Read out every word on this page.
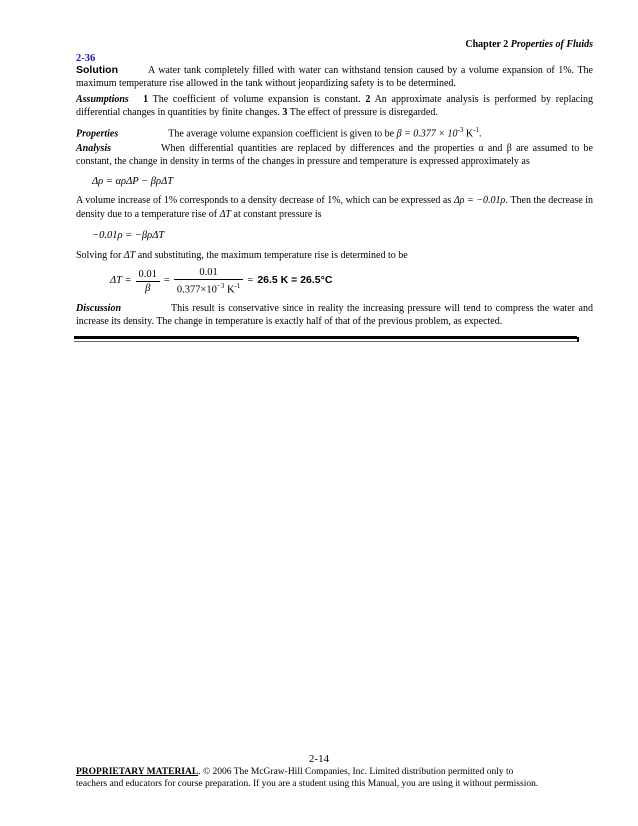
Chapter 2 Properties of Fluids
2-36
Solution	A water tank completely filled with water can withstand tension caused by a volume expansion of 1%. The maximum temperature rise allowed in the tank without jeopardizing safety is to be determined.
Assumptions 1 The coefficient of volume expansion is constant. 2 An approximate analysis is performed by replacing differential changes in quantities by finite changes. 3 The effect of pressure is disregarded.
Properties	The average volume expansion coefficient is given to be $\beta = 0.377 \times 10^{-3}$ $K^{-1}$.
Analysis	When differential quantities are replaced by differences and the properties α and β are assumed to be constant, the change in density in terms of the changes in pressure and temperature is expressed approximately as
Δρ = αρΔP − βρΔT
A volume increase of 1% corresponds to a density decrease of 1%, which can be expressed as Δρ = −0.01ρ. Then the decrease in density due to a temperature rise of ΔT at constant pressure is
−0.01ρ = −βρΔT
Solving for ΔT and substituting, the maximum temperature rise is determined to be
$\Delta T = \frac{0.01}{\beta} = \frac{0.01}{0.377\times 10^{-3} K^{-1}} = 26.5$ K = 26.5°C
Discussion	This result is conservative since in reality the increasing pressure will tend to compress the water and increase its density. The change in temperature is exactly half of that of the previous problem, as expected.
2-14
PROPRIETARY MATERIAL. © 2006 The McGraw-Hill Companies, Inc. Limited distribution permitted only to
teachers and educators for course preparation. If you are a student using this Manual, you are using it without permission.
